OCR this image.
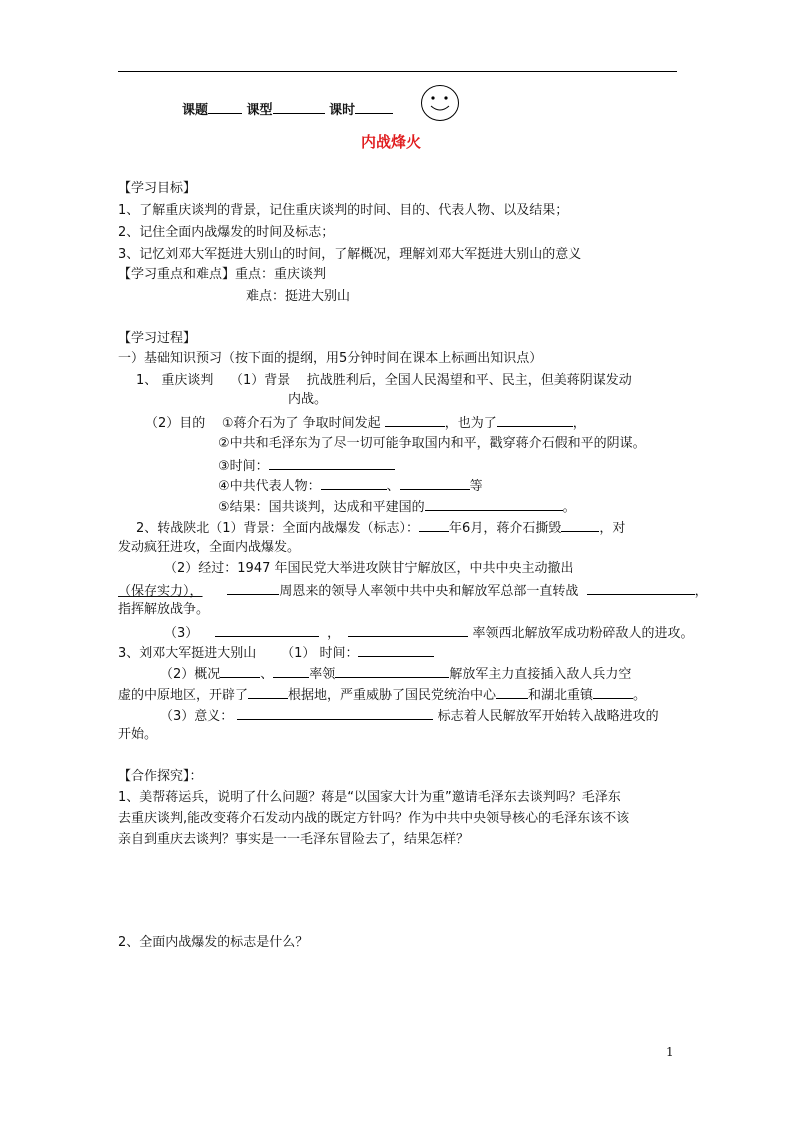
课题	课型	课时
内战烽火
【学习目标】
1、了解重庆谈判的背景，记住重庆谈判的时间、目的、代表人物、以及结果；
2、记住全面内战爆发的时间及标志；
3、记忆刘邓大军挺进大别山的时间，了解概况，理解刘邓大军挺进大别山的意义
【学习重点和难点】重点：重庆谈判
难点：挺进大别山
【学习过程】
一）基础知识预习（按下面的提纲，用5分钟时间在课本上标画出知识点）
1、 重庆谈判 （1）背景 抗战胜利后，全国人民渴望和平、民主，但美蒋阴谋发动
内战。
（2）目的 ①蒋介石为了 争取时间发起	，也为了	，
②中共和毛泽东为了尽一切可能争取国内和平，戳穿蒋介石假和平的阴谋。
③时间：
④中共代表人物：	、	等
⑤结果：国共谈判，达成和平建国的	。
2、转战陕北（1）背景：全面内战爆发（标志）： 年6月，蒋介石撕毁	，对
发动疯狂进攻，全面内战爆发。
（2）经过：1947 年国民党大举进攻陕甘宁解放区，中共中央主动撤出
（保存实力），	周恩来的领导人率领中共中央和解放军总部一直转战	，
指挥解放战争。
（3）	，	率领西北解放军成功粉碎敌人的进攻。
3、刘邓大军挺进大别山 （1） 时间：
（2）概况	、	率领	解放军主力直接插入敌人兵力空
虚的中原地区，开辟了	根据地，严重威胁了国民党统治中心 和湖北重镇	。
（3）意义：	标志着人民解放军开始转入战略进攻的
开始。
【合作探究】：
1、美帮蒋运兵，说明了什么问题？蒋是“以国家大计为重”邀请毛泽东去谈判吗？毛泽东
去重庆谈判,能改变蒋介石发动内战的既定方针吗？作为中共中央领导核心的毛泽东该不该
亲自到重庆去谈判？事实是一一毛泽东冒险去了，结果怎样？
2、全面内战爆发的标志是什么？
1
